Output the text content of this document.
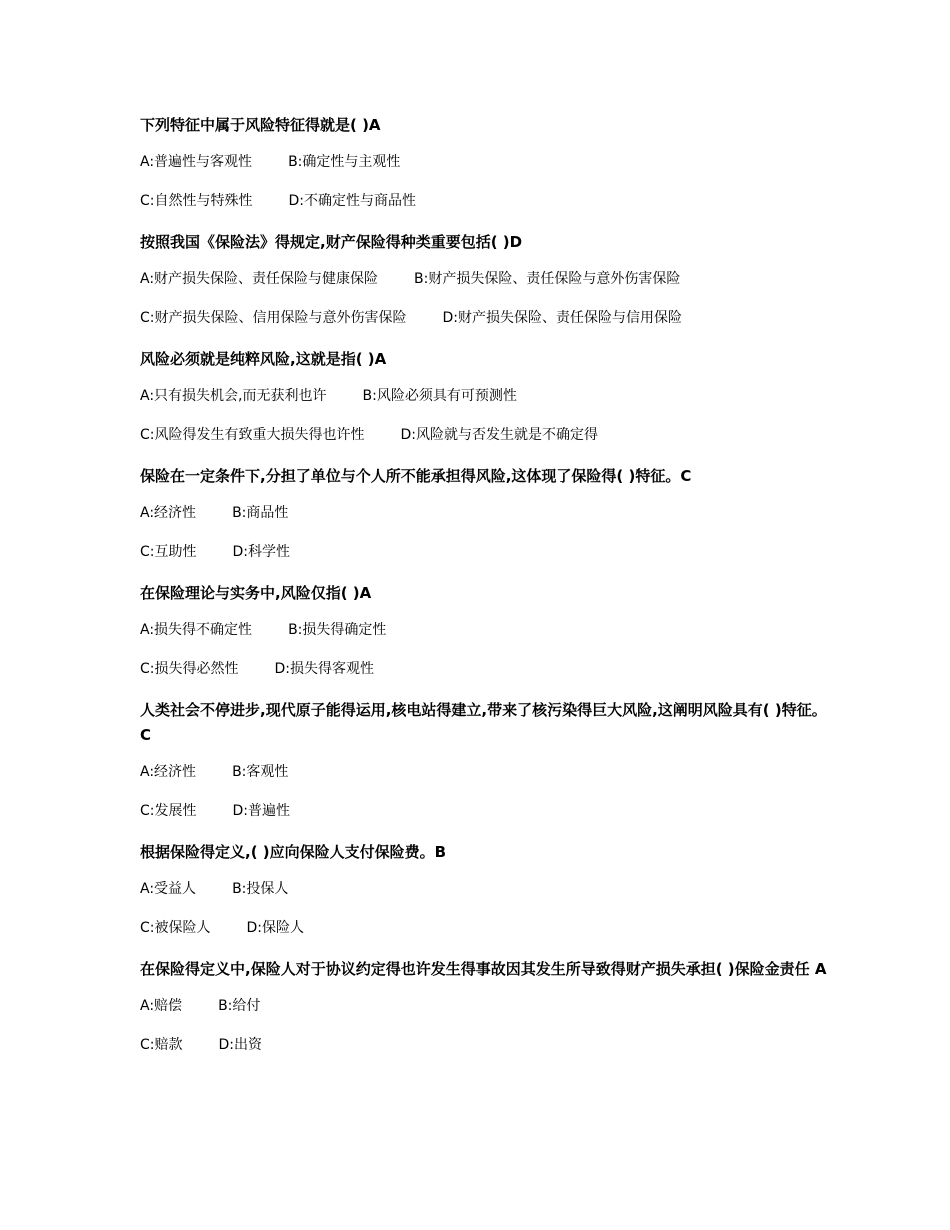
下列特征中属于风险特征得就是( )A

A:普遍性与客观性	B:确定性与主观性
C:自然性与特殊性	D:不确定性与商品性

按照我国《保险法》得规定,财产保险得种类重要包括( )D

A:财产损失保险、责任保险与健康保险	B:财产损失保险、责任保险与意外伤害保险
C:财产损失保险、信用保险与意外伤害保险	D:财产损失保险、责任保险与信用保险

风险必须就是纯粹风险,这就是指( )A

A:只有损失机会,而无获利也许	B:风险必须具有可预测性
C:风险得发生有致重大损失得也许性	D:风险就与否发生就是不确定得

保险在一定条件下,分担了单位与个人所不能承担得风险,这体现了保险得( )特征。C

A:经济性	B:商品性
C:互助性	D:科学性

在保险理论与实务中,风险仅指( )A

A:损失得不确定性	B:损失得确定性
C:损失得必然性	D:损失得客观性

人类社会不停进步,现代原子能得运用,核电站得建立,带来了核污染得巨大风险,这阐明风险具有( )特征。C

A:经济性	B:客观性
C:发展性	D:普遍性

根据保险得定义,( )应向保险人支付保险费。B

A:受益人	B:投保人
C:被保险人	D:保险人

在保险得定义中,保险人对于协议约定得也许发生得事故因其发生所导致得财产损失承担( )保险金责任 A

A:赔偿	B:给付
C:赔款	D:出资
